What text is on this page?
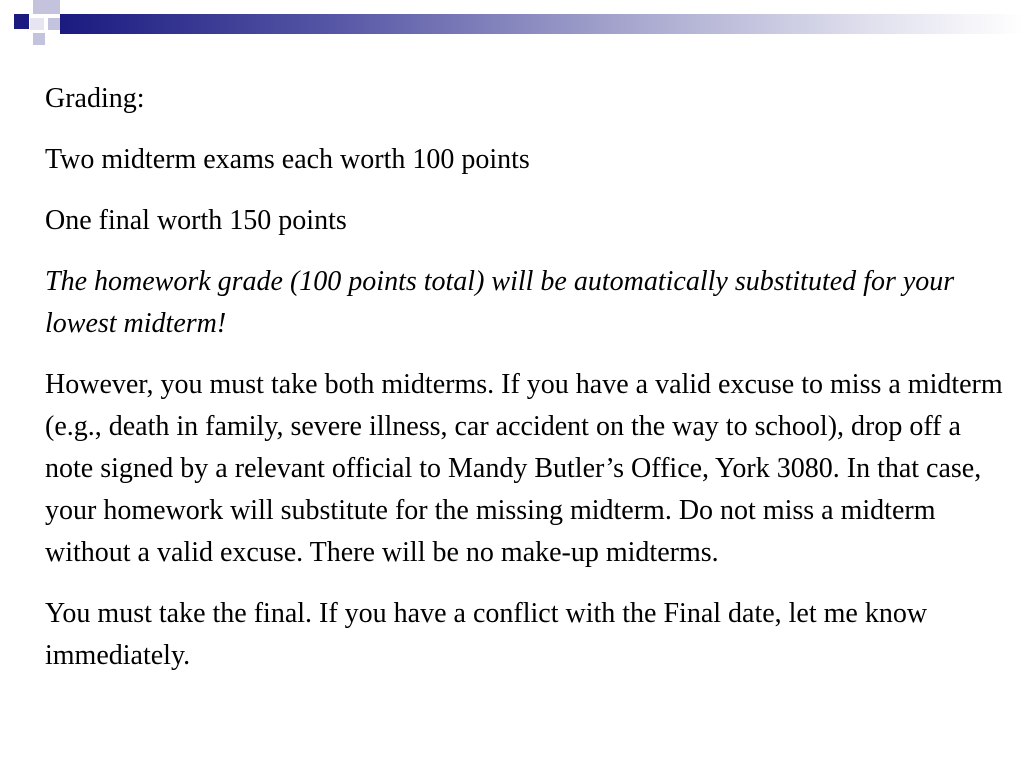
Grading:

Two midterm exams each worth 100 points

One final worth 150 points

The homework grade (100 points total) will be automatically substituted for your lowest midterm!

However, you must take both midterms. If you have a valid excuse to miss a midterm (e.g., death in family, severe illness, car accident on the way to school), drop off a note signed by a relevant official to Mandy Butler’s Office, York 3080. In that case, your homework will substitute for the missing midterm. Do not miss a midterm without a valid excuse. There will be no make-up midterms.

You must take the final. If you have a conflict with the Final date, let me know immediately.
